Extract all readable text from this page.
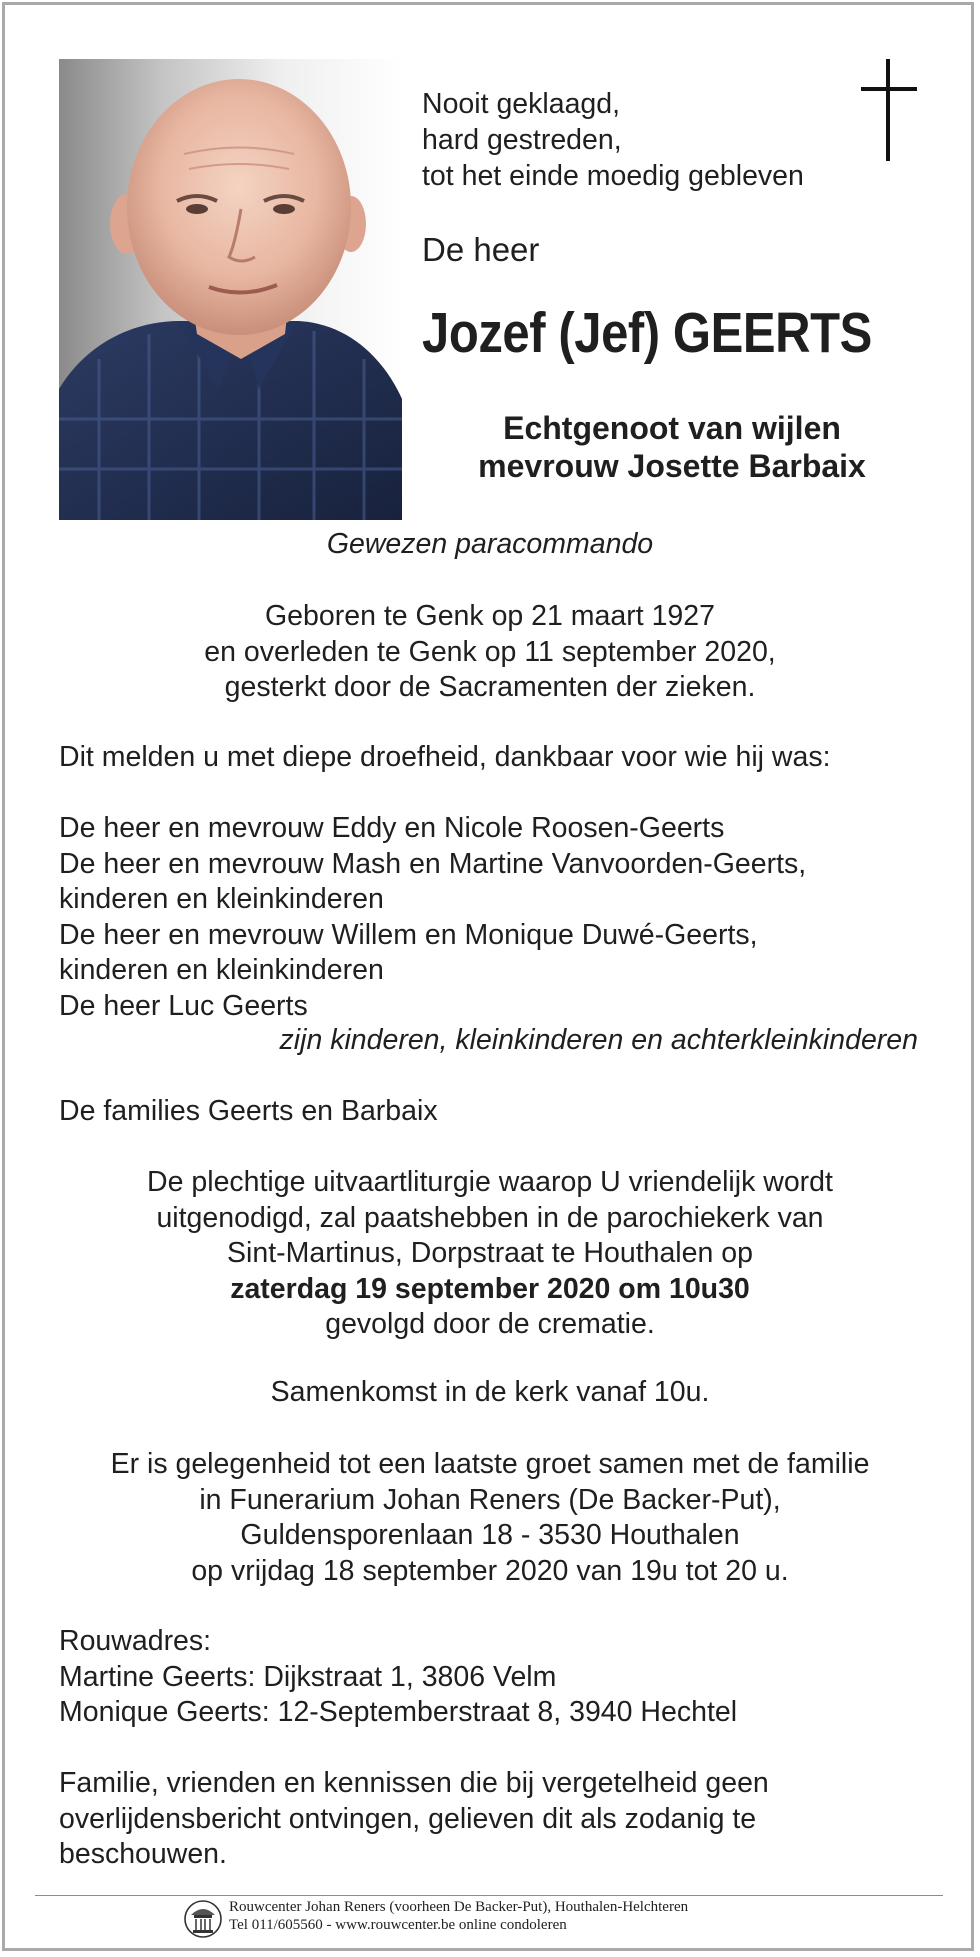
Nooit geklaagd,
hard gestreden,
tot het einde moedig gebleven
De heer
Jozef (Jef) GEERTS
Echtgenoot van wijlen
mevrouw Josette Barbaix
Gewezen paracommando
Geboren te Genk op 21 maart 1927
en overleden te Genk op 11 september 2020,
gesterkt door de Sacramenten der zieken.
Dit melden u met diepe droefheid, dankbaar voor wie hij was:
De heer en mevrouw Eddy en Nicole Roosen-Geerts
De heer en mevrouw Mash en Martine Vanvoorden-Geerts,
kinderen en kleinkinderen
De heer en mevrouw Willem en Monique Duwé-Geerts,
kinderen en kleinkinderen
De heer Luc Geerts
zijn kinderen, kleinkinderen en achterkleinkinderen
De families Geerts en Barbaix
De plechtige uitvaartliturgie waarop U vriendelijk wordt
uitgenodigd, zal paatshebben in de parochiekerk van
Sint-Martinus, Dorpstraat te Houthalen op
zaterdag 19 september 2020 om 10u30
gevolgd door de crematie.
Samenkomst in de kerk vanaf 10u.
Er is gelegenheid tot een laatste groet samen met de familie
in Funerarium Johan Reners (De Backer-Put),
Guldensporenlaan 18 - 3530 Houthalen
op vrijdag 18 september 2020 van 19u tot 20 u.
Rouwadres:
Martine Geerts: Dijkstraat 1, 3806 Velm
Monique Geerts: 12-Septemberstraat 8, 3940 Hechtel
Familie, vrienden en kennissen die bij vergetelheid geen
overlijdensbericht ontvingen, gelieven dit als zodanig te
beschouwen.
Rouwcenter Johan Reners (voorheen De Backer-Put), Houthalen-Helchteren
Tel 011/605560 - www.rouwcenter.be online condoleren
